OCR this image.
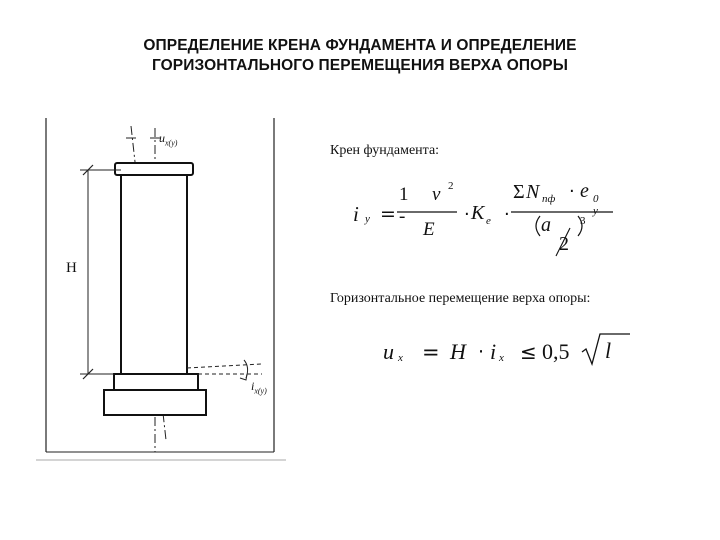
ОПРЕДЕЛЕНИЕ КРЕНА ФУНДАМЕНТА И ОПРЕДЕЛЕНИЕ
ГОРИЗОНТАЛЬНОГО ПЕРЕМЕЩЕНИЯ ВЕРХА ОПОРЫ
$u_{x(y)}$
$i_{x(y)}$
H
Крен фундамента:
i y =
1 -
ν 2
E
· K e ·
Σ N пф · e 0 y
a
2
3
Горизонтальное перемещение верха опоры:
u x = H · i x ≤ 0,5 l
